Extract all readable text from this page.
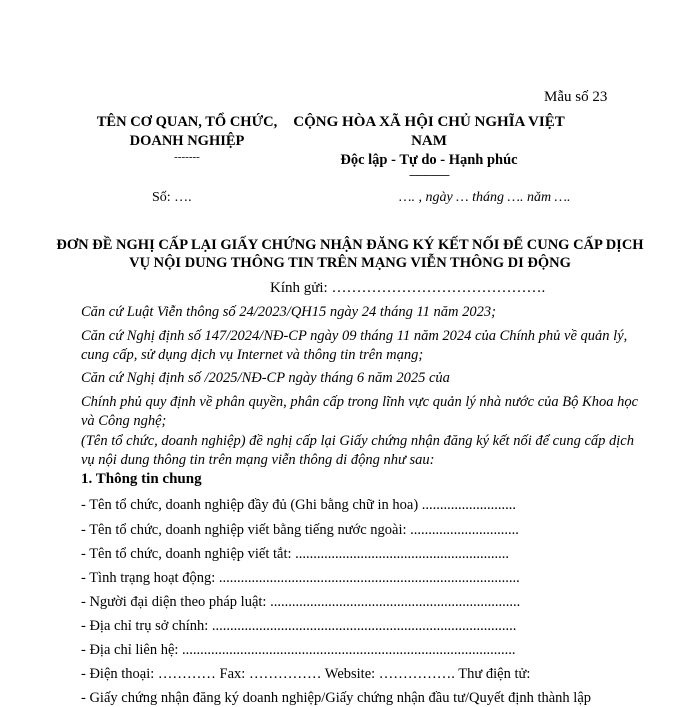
Mẫu số 23
TÊN CƠ QUAN, TỔ CHỨC, DOANH NGHIỆP
-------
CỘNG HÒA XÃ HỘI CHỦ NGHĨA VIỆT NAM
Độc lập - Tự do - Hạnh phúc
---------------
Số: ….	…. , ngày … tháng …. năm ….
ĐƠN ĐỀ NGHỊ CẤP LẠI GIẤY CHỨNG NHẬN ĐĂNG KÝ KẾT NỐI ĐỂ CUNG CẤP DỊCH VỤ NỘI DUNG THÔNG TIN TRÊN MẠNG VIỄN THÔNG DI ĐỘNG
Kính gửi: …………………………………….
Căn cứ Luật Viễn thông số 24/2023/QH15 ngày 24 tháng 11 năm 2023;
Căn cứ Nghị định số 147/2024/NĐ-CP ngày 09 tháng 11 năm 2024 của Chính phủ về quản lý, cung cấp, sử dụng dịch vụ Internet và thông tin trên mạng;
Căn cứ Nghị định số /2025/NĐ-CP ngày tháng 6 năm 2025 của
Chính phủ quy định về phân quyền, phân cấp trong lĩnh vực quản lý nhà nước của Bộ Khoa học và Công nghệ;
(Tên tổ chức, doanh nghiệp) đề nghị cấp lại Giấy chứng nhận đăng ký kết nối để cung cấp dịch vụ nội dung thông tin trên mạng viễn thông di động như sau:
1. Thông tin chung
- Tên tổ chức, doanh nghiệp đầy đủ (Ghi bằng chữ in hoa) ..........................
- Tên tổ chức, doanh nghiệp viết bằng tiếng nước ngoài: ..............................
- Tên tổ chức, doanh nghiệp viết tắt: ...........................................................
- Tình trạng hoạt động: ...................................................................................
- Người đại diện theo pháp luật: .....................................................................
- Địa chỉ trụ sở chính: ....................................................................................
- Địa chỉ liên hệ: ............................................................................................
- Điện thoại: ………… Fax: …………… Website: ……………. Thư điện tử:
- Giấy chứng nhận đăng ký doanh nghiệp/Giấy chứng nhận đầu tư/Quyết định thành lập
